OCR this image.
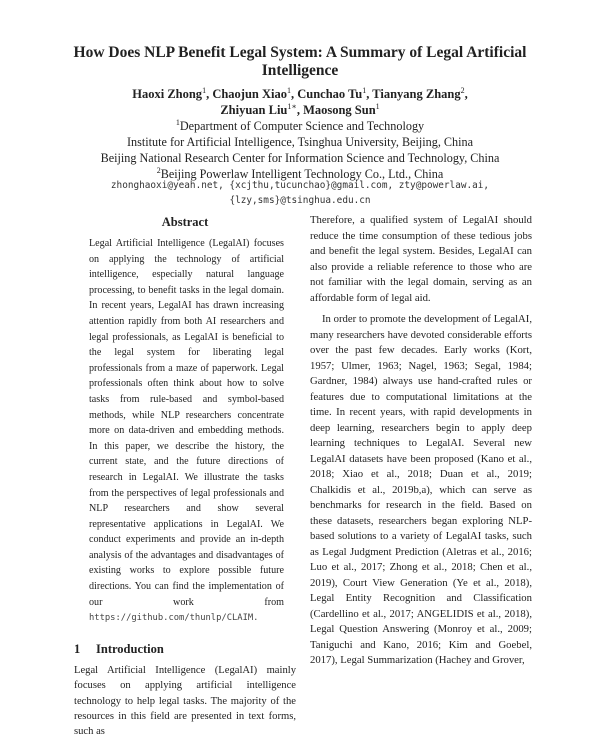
How Does NLP Benefit Legal System: A Summary of Legal Artificial Intelligence
Haoxi Zhong$^1$, Chaojun Xiao$^1$, Cunchao Tu$^1$, Tianyang Zhang$^2$,
Zhiyuan Liu$^{1∗}$, Maosong Sun$^1$
$^1$Department of Computer Science and Technology
Institute for Artificial Intelligence, Tsinghua University, Beijing, China
Beijing National Research Center for Information Science and Technology, China
$^2$Beijing Powerlaw Intelligent Technology Co., Ltd., China
zhonghaoxi@yeah.net, {xcjthu,tucunchao}@gmail.com, zty@powerlaw.ai,
{lzy,sms}@tsinghua.edu.cn
Abstract

Legal Artificial Intelligence (LegalAI) focuses on applying the technology of artificial intelligence, especially natural language processing, to benefit tasks in the legal domain. In recent years, LegalAI has drawn increasing attention rapidly from both AI researchers and legal professionals, as LegalAI is beneficial to the legal system for liberating legal professionals from a maze of paperwork. Legal professionals often think about how to solve tasks from rule-based and symbol-based methods, while NLP researchers concentrate more on data-driven and embedding methods. In this paper, we describe the history, the current state, and the future directions of research in LegalAI. We illustrate the tasks from the perspectives of legal professionals and NLP researchers and show several representative applications in LegalAI. We conduct experiments and provide an in-depth analysis of the advantages and disadvantages of existing works to explore possible future directions. You can find the implementation of our work from https://github.com/thunlp/CLAIM.

1 Introduction

Legal Artificial Intelligence (LegalAI) mainly focuses on applying artificial intelligence technology to help legal tasks. The majority of the resources in this field are presented in text forms, such as

Therefore, a qualified system of LegalAI should reduce the time consumption of these tedious jobs and benefit the legal system. Besides, LegalAI can also provide a reliable reference to those who are not familiar with the legal domain, serving as an affordable form of legal aid.

In order to promote the development of LegalAI, many researchers have devoted considerable efforts over the past few decades. Early works (Kort, 1957; Ulmer, 1963; Nagel, 1963; Segal, 1984; Gardner, 1984) always use hand-crafted rules or features due to computational limitations at the time. In recent years, with rapid developments in deep learning, researchers begin to apply deep learning techniques to LegalAI. Several new LegalAI datasets have been proposed (Kano et al., 2018; Xiao et al., 2018; Duan et al., 2019; Chalkidis et al., 2019b,a), which can serve as benchmarks for research in the field. Based on these datasets, researchers began exploring NLP-based solutions to a variety of LegalAI tasks, such as Legal Judgment Prediction (Aletras et al., 2016; Luo et al., 2017; Zhong et al., 2018; Chen et al., 2019), Court View Generation (Ye et al., 2018), Legal Entity Recognition and Classification (Cardellino et al., 2017; ANGELIDIS et al., 2018), Legal Question Answering (Monroy et al., 2009; Taniguchi and Kano, 2016; Kim and Goebel, 2017), Legal Summarization (Hachey and Grover,
